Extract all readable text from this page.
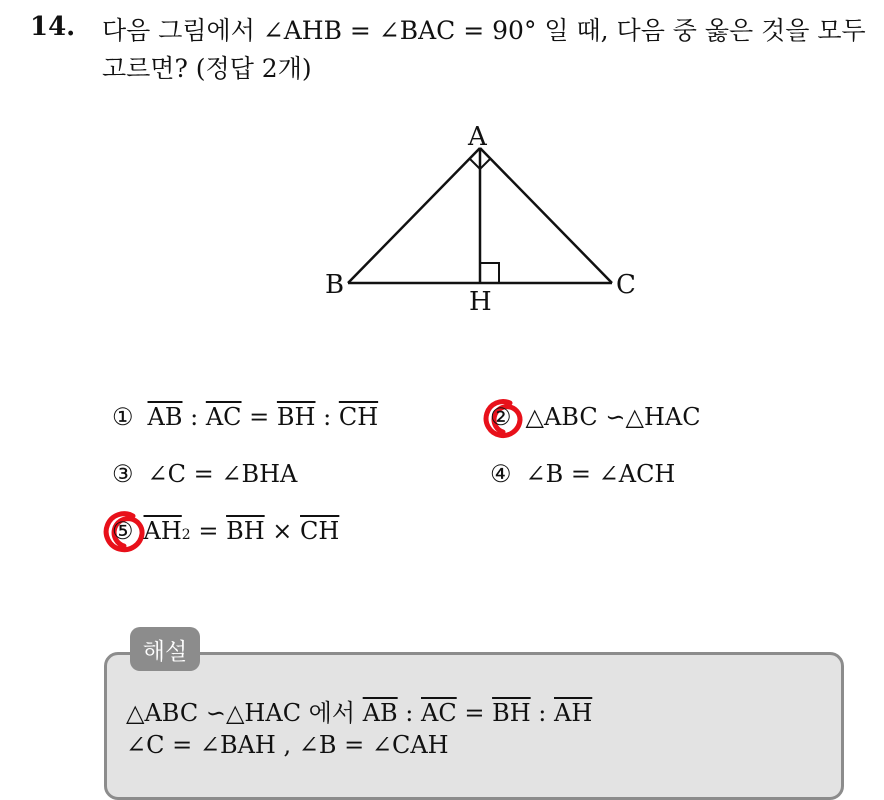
14. 다음 그림에서 ∠AHB = ∠BAC = 90° 일 때, 다음 중 옳은 것을 모두
고르면? (정답 2개)
A
B	C
H
① $\overline{AB}$ : $\overline{AC} = \overline{BH}$ : $\overline{CH}$	② △ABC ∽△HAC
③ ∠C = ∠BHA	④ ∠B = ∠ACH
⑤ $\overline{AH}$ $2 = \overline{BH} \times \overline{CH}$
해설
△ABC ∽△HAC 에서 $\overline{AB}$ : $\overline{AC} = \overline{BH}$ : $\overline{AH}$
∠C = ∠BAH , ∠B = ∠CAH
